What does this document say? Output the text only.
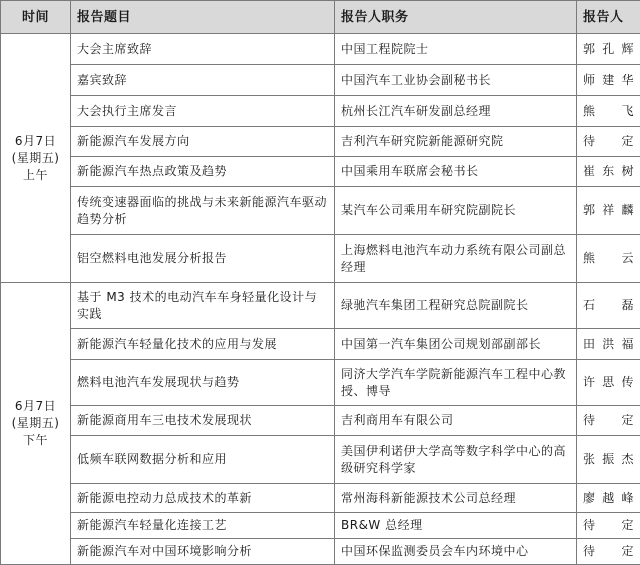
时间	报告题目	报告人职务	报告人

6月7日
(星期五)
上午	大会主席致辞	中国工程院院士	郭孔辉
	嘉宾致辞	中国汽车工业协会副秘书长	师建华
	大会执行主席发言	杭州长江汽车研发副总经理	熊飞
	新能源汽车发展方向	吉利汽车研究院新能源研究院	待定
	新能源汽车热点政策及趋势	中国乘用车联席会秘书长	崔东树
	传统变速器面临的挑战与未来新能源汽车驱动趋势分析	某汽车公司乘用车研究院副院长	郭祥麟
	铝空燃料电池发展分析报告	上海燃料电池汽车动力系统有限公司副总经理	熊云

6月7日
(星期五)
下午	基于 M3 技术的电动汽车车身轻量化设计与实践	绿驰汽车集团工程研究总院副院长	石磊
	新能源汽车轻量化技术的应用与发展	中国第一汽车集团公司规划部副部长	田洪福
	燃料电池汽车发展现状与趋势	同济大学汽车学院新能源汽车工程中心教授、博导	许思传
	新能源商用车三电技术发展现状	吉利商用车有限公司	待定
	低频车联网数据分析和应用	美国伊利诺伊大学高等数字科学中心的高级研究科学家	张振杰
	新能源电控动力总成技术的革新	常州海科新能源技术公司总经理	廖越峰
	新能源汽车轻量化连接工艺	BR&W 总经理	待定
	新能源汽车对中国环境影响分析	中国环保监测委员会车内环境中心	待定
